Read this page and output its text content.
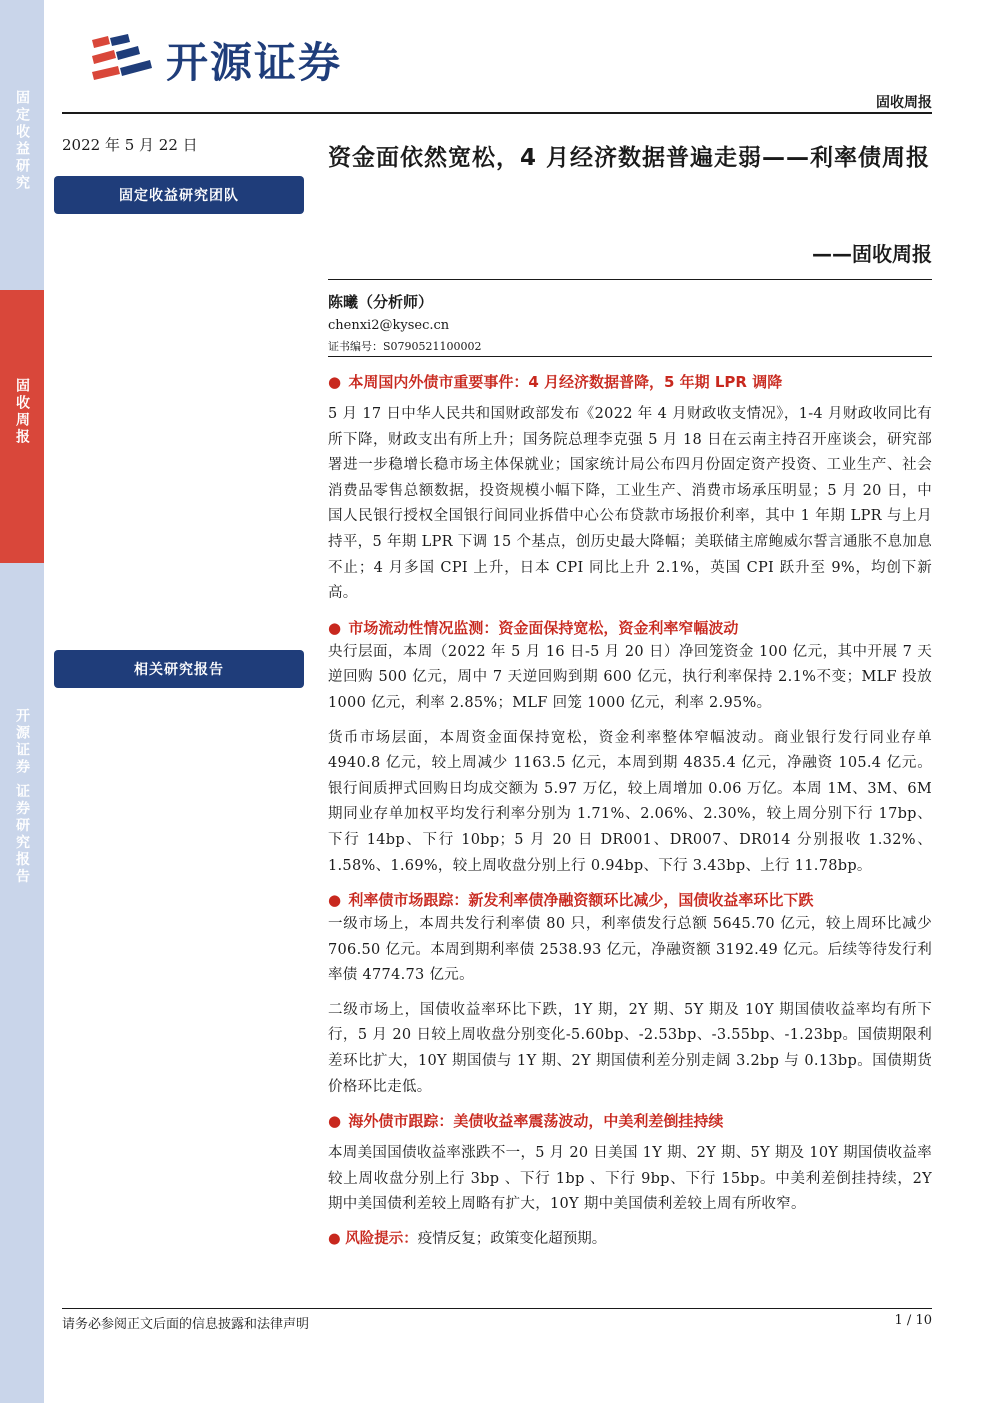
固定收益研究
固收周报
开源证券 证券研究报告
开源证券
固收周报
2022 年 5 月 22 日
固定收益研究团队
相关研究报告
资金面依然宽松，4 月经济数据普遍走弱——利率债周报
——固收周报
陈曦（分析师）
chenxi2@kysec.cn
证书编号：S0790521100002
● 本周国内外债市重要事件：4 月经济数据普降，5 年期 LPR 调降

5 月 17 日中华人民共和国财政部发布《2022 年 4 月财政收支情况》，1-4 月财政收同比有所下降，财政支出有所上升；国务院总理李克强 5 月 18 日在云南主持召开座谈会，研究部署进一步稳增长稳市场主体保就业；国家统计局公布四月份固定资产投资、工业生产、社会消费品零售总额数据，投资规模小幅下降，工业生产、消费市场承压明显；5 月 20 日，中国人民银行授权全国银行间同业拆借中心公布贷款市场报价利率，其中 1 年期 LPR 与上月持平，5 年期 LPR 下调 15 个基点，创历史最大降幅；美联储主席鲍威尔誓言通胀不息加息不止；4 月多国 CPI 上升，日本 CPI 同比上升 2.1%，英国 CPI 跃升至 9%，均创下新高。

● 市场流动性情况监测：资金面保持宽松，资金利率窄幅波动

央行层面，本周（2022 年 5 月 16 日-5 月 20 日）净回笼资金 100 亿元，其中开展 7 天逆回购 500 亿元，周中 7 天逆回购到期 600 亿元，执行利率保持 2.1%不变；MLF 投放 1000 亿元，利率 2.85%；MLF 回笼 1000 亿元，利率 2.95%。

货币市场层面，本周资金面保持宽松，资金利率整体窄幅波动。商业银行发行同业存单 4940.8 亿元，较上周减少 1163.5 亿元，本周到期 4835.4 亿元，净融资 105.4 亿元。银行间质押式回购日均成交额为 5.97 万亿，较上周增加 0.06 万亿。本周 1M、3M、6M 期同业存单加权平均发行利率分别为 1.71%、2.06%、2.30%，较上周分别下行 17bp、下行 14bp、下行 10bp；5 月 20 日 DR001、DR007、DR014 分别报收 1.32%、1.58%、1.69%，较上周收盘分别上行 0.94bp、下行 3.43bp、上行 11.78bp。

● 利率债市场跟踪：新发利率债净融资额环比减少，国债收益率环比下跌

一级市场上，本周共发行利率债 80 只，利率债发行总额 5645.70 亿元，较上周环比减少 706.50 亿元。本周到期利率债 2538.93 亿元，净融资额 3192.49 亿元。后续等待发行利率债 4774.73 亿元。

二级市场上，国债收益率环比下跌，1Y 期，2Y 期、5Y 期及 10Y 期国债收益率均有所下行，5 月 20 日较上周收盘分别变化-5.60bp、-2.53bp、-3.55bp、-1.23bp。国债期限利差环比扩大，10Y 期国债与 1Y 期、2Y 期国债利差分别走阔 3.2bp 与 0.13bp。国债期货价格环比走低。

● 海外债市跟踪：美债收益率震荡波动，中美利差倒挂持续

本周美国国债收益率涨跌不一，5 月 20 日美国 1Y 期、2Y 期、5Y 期及 10Y 期国债收益率较上周收盘分别上行 3bp 、下行 1bp 、下行 9bp、下行 15bp。中美利差倒挂持续，2Y 期中美国债利差较上周略有扩大，10Y 期中美国债利差较上周有所收窄。

● 风险提示：疫情反复；政策变化超预期。
请务必参阅正文后面的信息披露和法律声明	1 / 10
